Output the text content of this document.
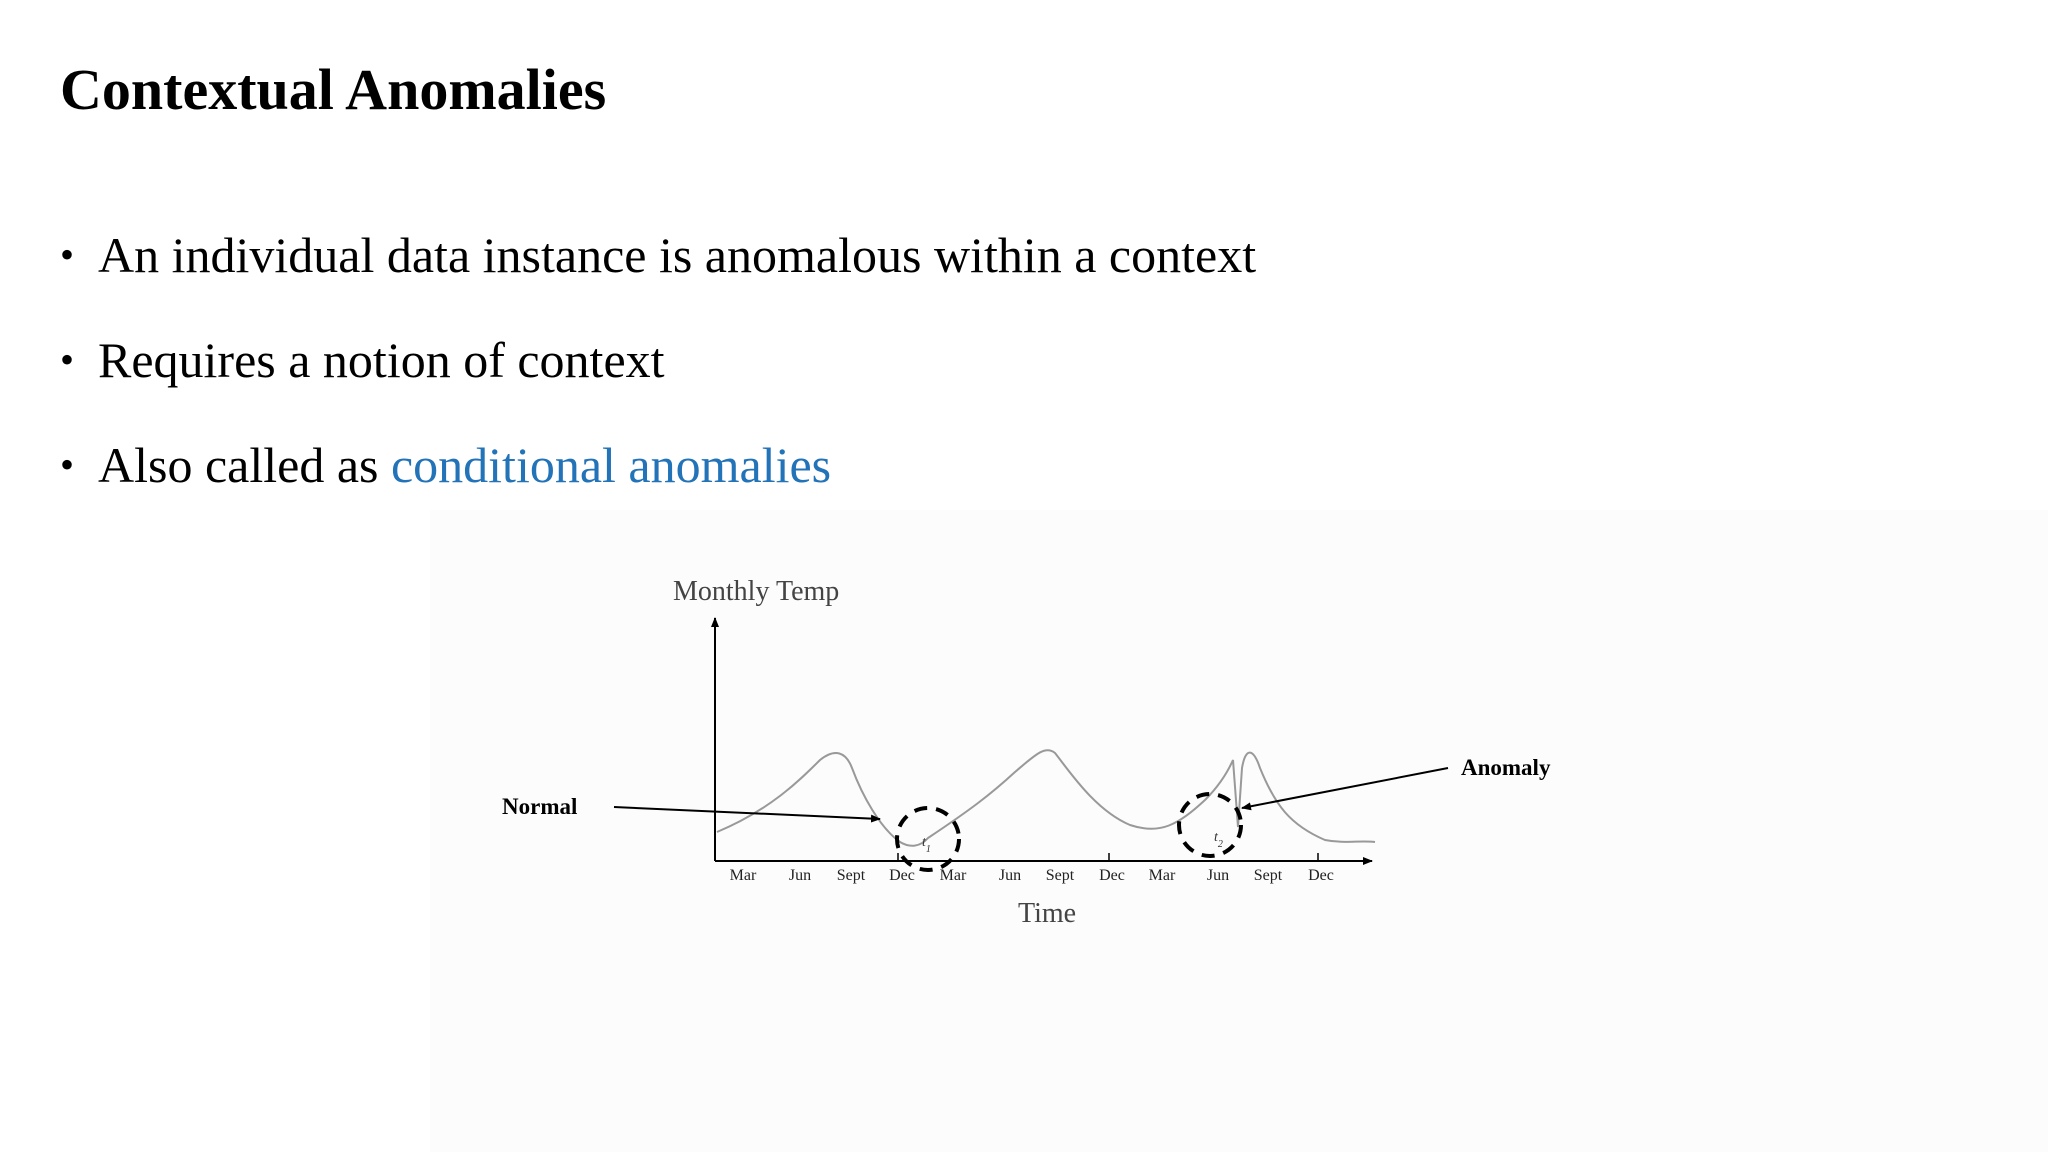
Contextual Anomalies
• An individual data instance is anomalous within a context
• Requires a notion of context
• Also called as conditional anomalies
Monthly Temp
$t_1$
$t_2$
Normal
Anomaly
Mar Jun Sept Dec Mar Jun Sept Dec Mar Jun Sept Dec
Time
